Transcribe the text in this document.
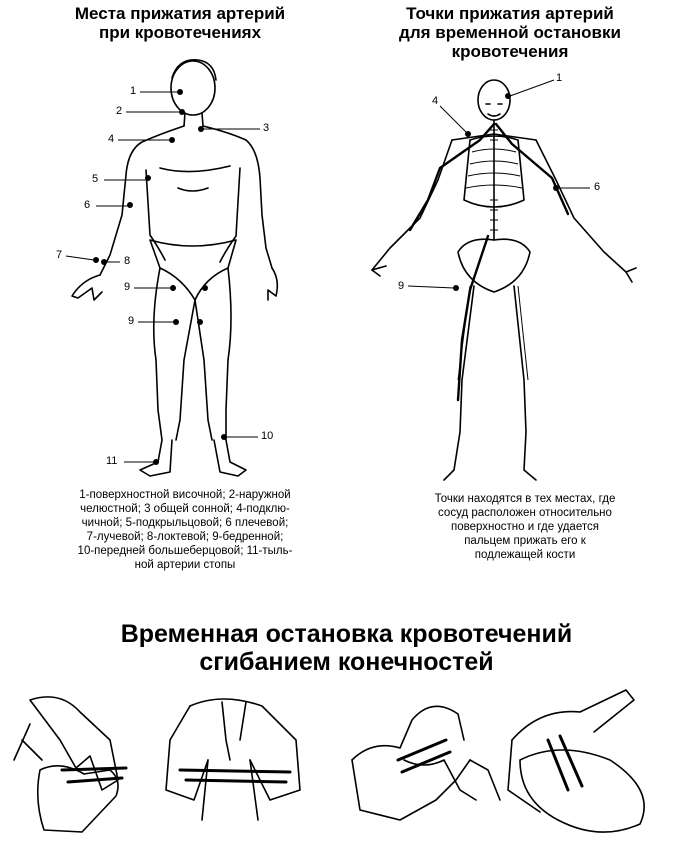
Места прижатия артерий
при кровотечениях
Точки прижатия артерий
для временной остановки
кровотечения
1
2
3
4
5
6
7	8
9
9
10
11
1
4
6
9
1-поверхностной височной; 2-наружной
челюстной; 3 общей сонной; 4-подклю-
чичной; 5-подкрыльцовой; 6 плечевой;
7-лучевой; 8-локтевой; 9-бедренной;
10-передней большеберцовой; 11-тыль-
ной артерии стопы
Точки находятся в тех местах, где
сосуд расположен относительно
поверхностно и где удается
пальцем прижать его к
подлежащей кости
Временная остановка кровотечений
сгибанием конечностей
